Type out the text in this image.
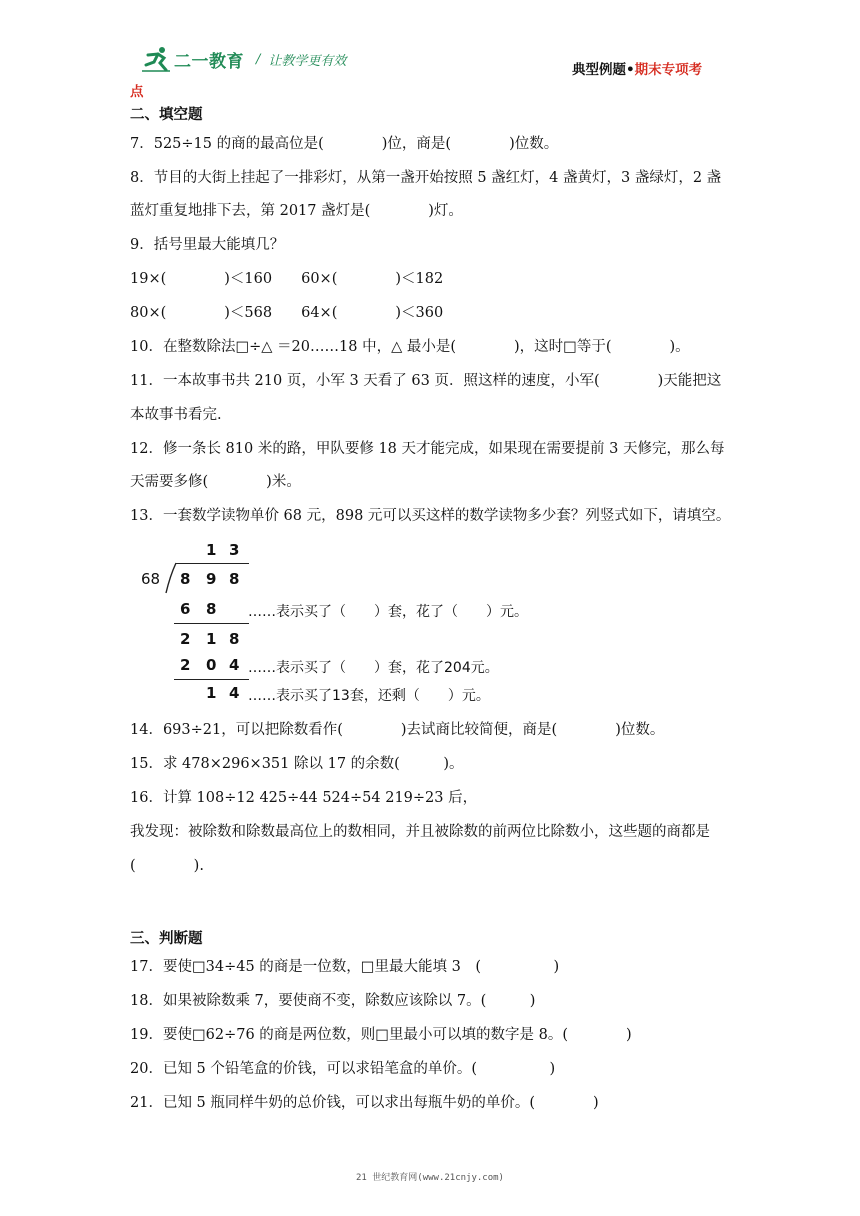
二一教育 / 让教学更有效
典型例题•期末专项考
点
二、填空题
7．525÷15 的商的最高位是(　　　　)位，商是(　　　　)位数。
8．节目的大街上挂起了一排彩灯，从第一盏开始按照 5 盏红灯，4 盏黄灯，3 盏绿灯，2 盏
蓝灯重复地排下去，第 2017 盏灯是(　　　　)灯。
9．括号里最大能填几？
19×(　　　　)＜160　　60×(　　　　)＜182
80×(　　　　)＜568　　64×(　　　　)＜360
10．在整数除法□÷△ ＝20……18 中，△ 最小是(　　　　)，这时□等于(　　　　)。
11．一本故事书共 210 页，小军 3 天看了 63 页．照这样的速度，小军(　　　　)天能把这
本故事书看完.
12．修一条长 810 米的路，甲队要修 18 天才能完成，如果现在需要提前 3 天修完，那么每
天需要多修(　　　　)米。
13．一套数学读物单价 68 元，898 元可以买这样的数学读物多少套？列竖式如下，请填空。
1 3
68 8 9 8
6 8 ……表示买了（　　）套，花了（　　）元。
2 1 8
2 0 4 ……表示买了（　　）套，花了204元。
1 4 ……表示买了13套，还剩（　　）元。
14．693÷21，可以把除数看作(　　　　)去试商比较简便，商是(　　　　)位数。
15．求 478×296×351 除以 17 的余数(　　　)。
16．计算 108÷12 425÷44 524÷54 219÷23 后，
我发现：被除数和除数最高位上的数相同，并且被除数的前两位比除数小，这些题的商都是
(　　　　).
三、判断题
17．要使□34÷45 的商是一位数，□里最大能填 3　(　　　　　)
18．如果被除数乘 7，要使商不变，除数应该除以 7。(　　　)
19．要使□62÷76 的商是两位数，则□里最小可以填的数字是 8。(　　　　)
20．已知 5 个铅笔盒的价钱，可以求铅笔盒的单价。(　　　　　)
21．已知 5 瓶同样牛奶的总价钱，可以求出每瓶牛奶的单价。(　　　　)
21 世纪教育网(www.21cnjy.com)
